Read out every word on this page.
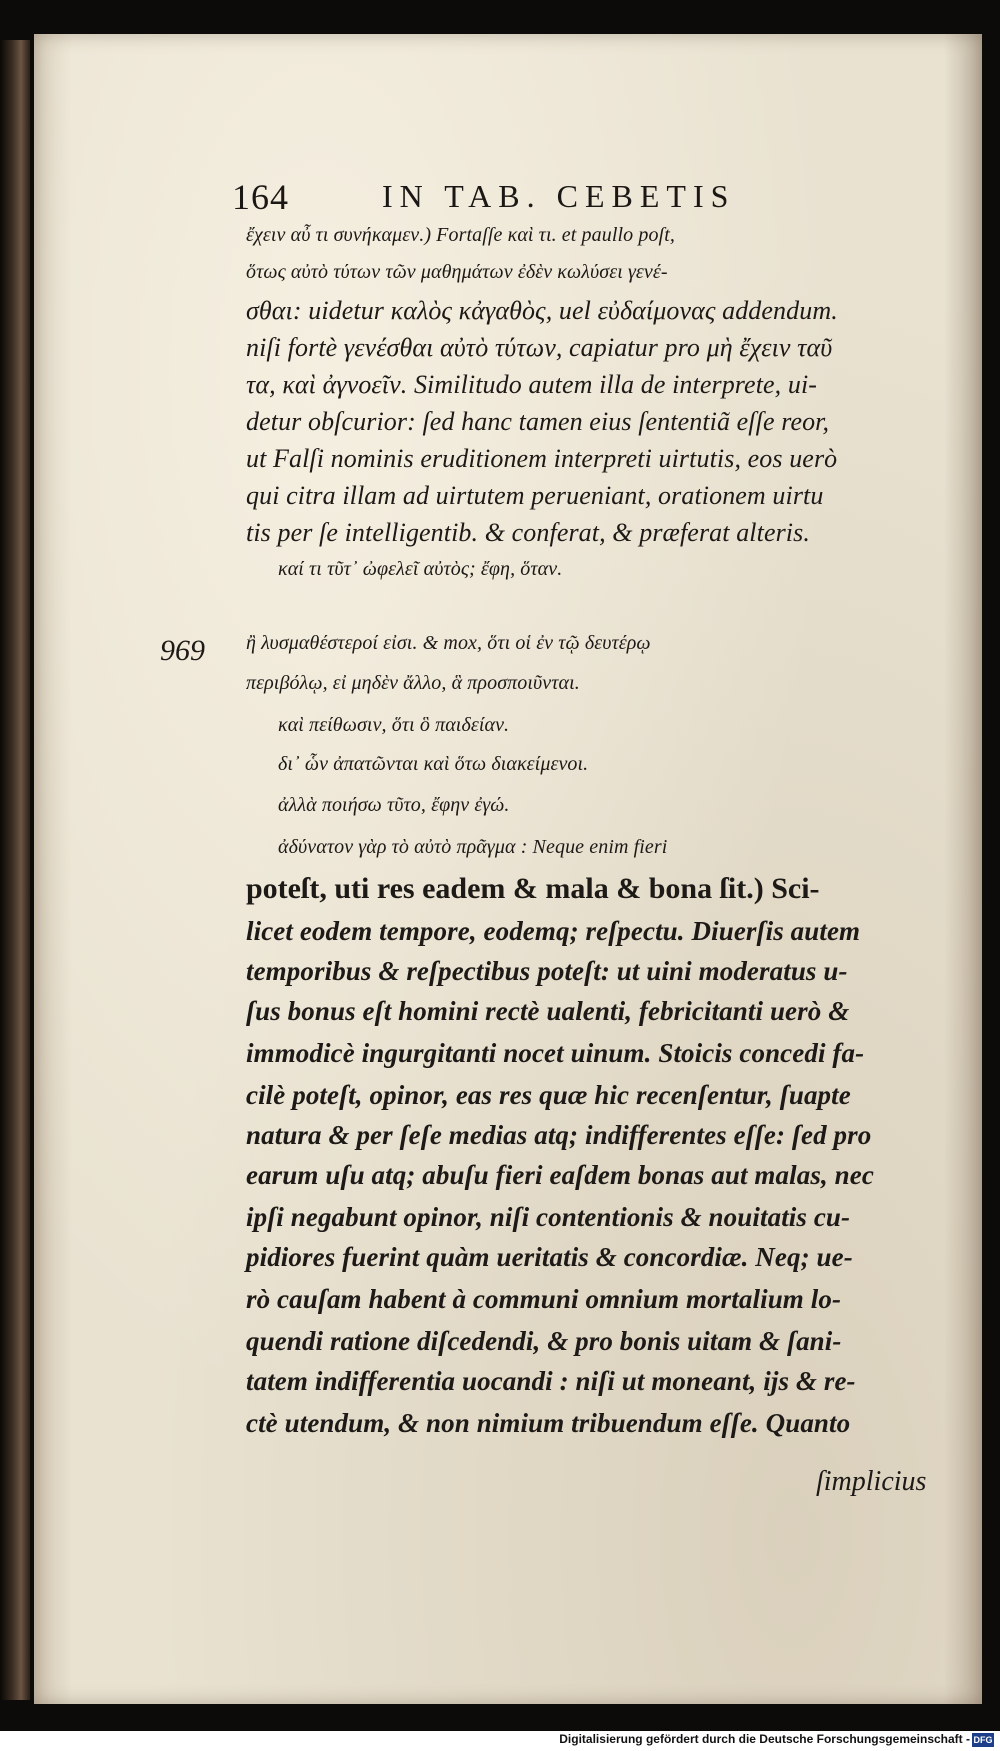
164	IN TAB. CEBETIS
ἔχειν αὖ τι συνήκαμεν.) Fortaſſe καὶ τι. et paullo poſt,
ὅτως αὐτὸ τύτων τῶν μαθημάτων ἐδὲν κωλύσει γενέ-
σθαι: uidetur καλὸς κἀγαθὸς, uel εὐδαίμονας addendum.
niſi fortè γενέσθαι αὐτὸ τύτων, capiatur pro μὴ ἔχειν ταῦ
τα, καὶ ἀγνοεῖν. Similitudo autem illa de interprete, ui-
detur obſcurior: ſed hanc tamen eius ſententiã eſſe reor,
ut Falſi nominis eruditionem interpreti uirtutis, eos uerò
qui citra illam ad uirtutem perueniant, orationem uirtu
tis per ſe intelligentib. & conferat, & præferat alteris.
καί τι τῦτ᾽ ὠφελεῖ αὐτὸς; ἔφη, ὅταν.
ἢ λυσμαθέστεροί εἰσι. & mox, ὅτι οἱ ἐν τῷ δευτέρῳ
περιβόλῳ, εἰ μηδὲν ἄλλο, ἃ προσποιῦνται.
καὶ πείθωσιν, ὅτι ὃ παιδείαν.
δι᾽ ὧν ἀπατῶνται καὶ ὅτω διακείμενοι.
ἀλλὰ ποιήσω τῦτο, ἔφην ἐγώ.
ἀδύνατον γὰρ τὸ αὐτὸ πρᾶγμα : Neque enim fieri
poteſt, uti res eadem & mala & bona ſit.) Sci-
licet eodem tempore, eodemq; reſpectu. Diuerſis autem
temporibus & reſpectibus poteſt: ut uini moderatus u-
ſus bonus eſt homini rectè ualenti, febricitanti uerò &
immodicè ingurgitanti nocet uinum. Stoicis concedi fa-
cilè poteſt, opinor, eas res quæ hic recenſentur, ſuapte
natura & per ſeſe medias atq; indifferentes eſſe: ſed pro
earum uſu atq; abuſu fieri eaſdem bonas aut malas, nec
ipſi negabunt opinor, niſi contentionis & nouitatis cu-
pidiores fuerint quàm ueritatis & concordiæ. Neq; ue-
rò cauſam habent à communi omnium mortalium lo-
quendi ratione diſcedendi, & pro bonis uitam & ſani-
tatem indifferentia uocandi : niſi ut moneant, ijs & re-
ctè utendum, & non nimium tribuendum eſſe. Quanto
969
ſimplicius
Digitalisierung gefördert durch die Deutsche Forschungsgemeinschaft - DFG
